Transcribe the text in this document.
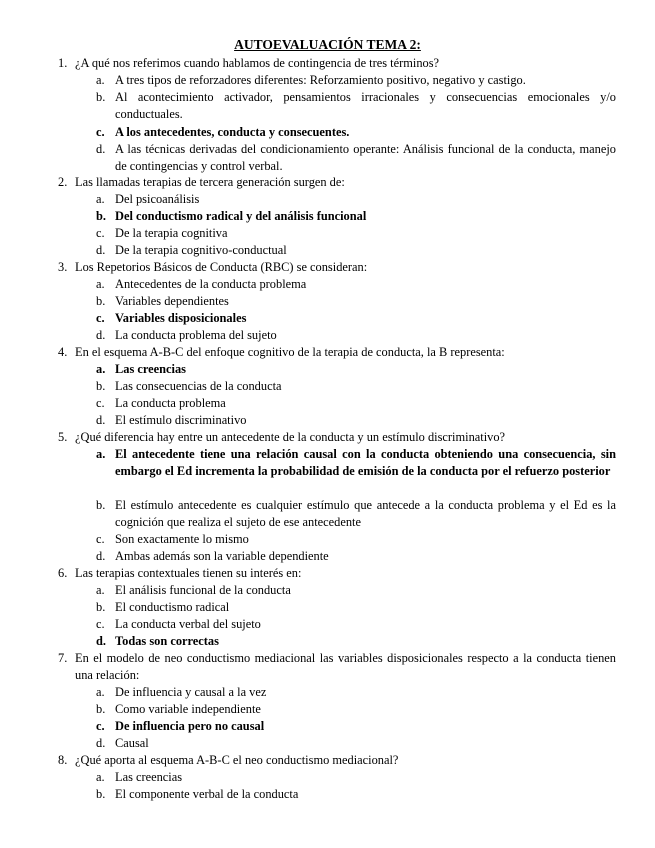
AUTOEVALUACIÓN TEMA 2:
1. ¿A qué nos referimos cuando hablamos de contingencia de tres términos?
a. A tres tipos de reforzadores diferentes: Reforzamiento positivo, negativo y castigo.
b. Al acontecimiento activador, pensamientos irracionales y consecuencias emocionales y/o conductuales.
c. A los antecedentes, conducta y consecuentes.
d. A las técnicas derivadas del condicionamiento operante: Análisis funcional de la conducta, manejo de contingencias y control verbal.
2. Las llamadas terapias de tercera generación surgen de:
a. Del psicoanálisis
b. Del conductismo radical y del análisis funcional
c. De la terapia cognitiva
d. De la terapia cognitivo-conductual
3. Los Repetorios Básicos de Conducta (RBC) se consideran:
a. Antecedentes de la conducta problema
b. Variables dependientes
c. Variables disposicionales
d. La conducta problema del sujeto
4. En el esquema A-B-C del enfoque cognitivo de la terapia de conducta, la B representa:
a. Las creencias
b. Las consecuencias de la conducta
c. La conducta problema
d. El estímulo discriminativo
5. ¿Qué diferencia hay entre un antecedente de la conducta y un estímulo discriminativo?
a. El antecedente tiene una relación causal con la conducta obteniendo una consecuencia, sin embargo el Ed incrementa la probabilidad de emisión de la conducta por el refuerzo posterior
b. El estímulo antecedente es cualquier estímulo que antecede a la conducta problema y el Ed es la cognición que realiza el sujeto de ese antecedente
c. Son exactamente lo mismo
d. Ambas además son la variable dependiente
6. Las terapias contextuales tienen su interés en:
a. El análisis funcional de la conducta
b. El conductismo radical
c. La conducta verbal del sujeto
d. Todas son correctas
7. En el modelo de neo conductismo mediacional las variables disposicionales respecto a la conducta tienen una relación:
a. De influencia y causal a la vez
b. Como variable independiente
c. De influencia pero no causal
d. Causal
8. ¿Qué aporta al esquema A-B-C el neo conductismo mediacional?
a. Las creencias
b. El componente verbal de la conducta
